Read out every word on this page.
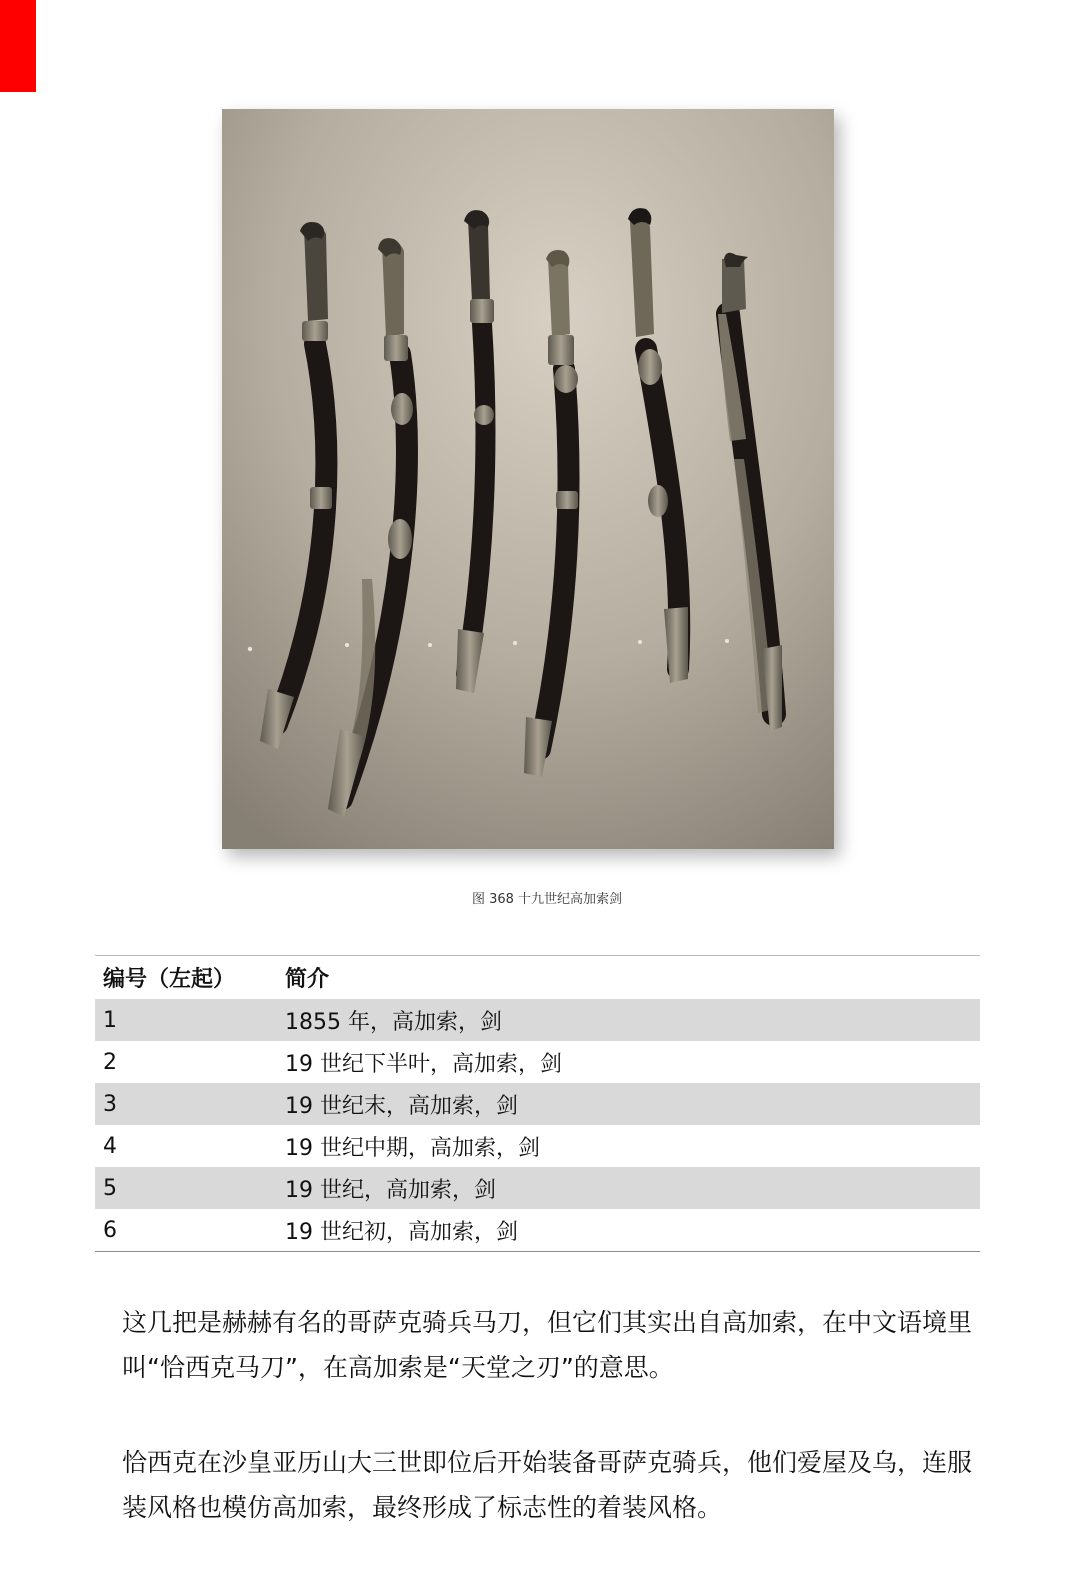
图 368 十九世纪高加索剑
编号（左起）	简介
1	1855 年，高加索，剑
2	19 世纪下半叶，高加索，剑
3	19 世纪末，高加索，剑
4	19 世纪中期，高加索，剑
5	19 世纪，高加索，剑
6	19 世纪初，高加索，剑

这几把是赫赫有名的哥萨克骑兵马刀，但它们其实出自高加索，在中文语境里叫“恰西克马刀”，在高加索是“天堂之刃”的意思。

恰西克在沙皇亚历山大三世即位后开始装备哥萨克骑兵，他们爱屋及乌，连服装风格也模仿高加索，最终形成了标志性的着装风格。
